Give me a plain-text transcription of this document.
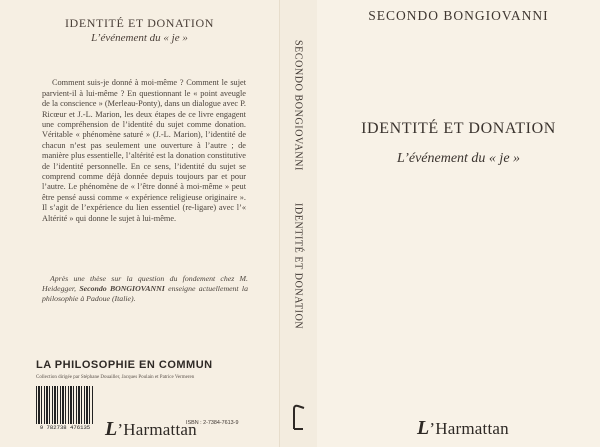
IDENTITÉ ET DONATION
L’événement du « je »

Comment suis-je donné à moi-même ? Comment le sujet parvient-il à lui-même ? En questionnant le « point aveugle de la conscience » (Merleau-Ponty), dans un dialogue avec P. Ricœur et J.-L. Marion, les deux étapes de ce livre engagent une compréhension de l’identité du sujet comme donation. Véritable « phénomène saturé » (J.-L. Marion), l’identité de chacun n’est pas seulement une ouverture à l’autre ; de manière plus essentielle, l’altérité est la donation constitutive de l’identité personnelle. En ce sens, l’identité du sujet se comprend comme déjà donnée depuis toujours par et pour l’autre. Le phénomène de « l’être donné à moi-même » peut être pensé aussi comme « expérience religieuse originaire ». Il s’agit de l’expérience du lien essentiel (re-ligare) avec l’« Altérité » qui donne le sujet à lui-même.

Après une thèse sur la question du fondement chez M. Heidegger, Secondo BONGIOVANNI enseigne actuellement la philosophie à Padoue (Italie).

LA PHILOSOPHIE EN COMMUN
Collection dirigée par Stéphane Douailler, Jacques Poulain et Patrice Vermeren
9 782738 476135
ISBN : 2-7384-7613-9
L’Harmattan
SECONDO BONGIOVANNI
IDENTITÉ ET DONATION
SECONDO BONGIOVANNI
IDENTITÉ ET DONATION
L’événement du « je »
L’Harmattan
